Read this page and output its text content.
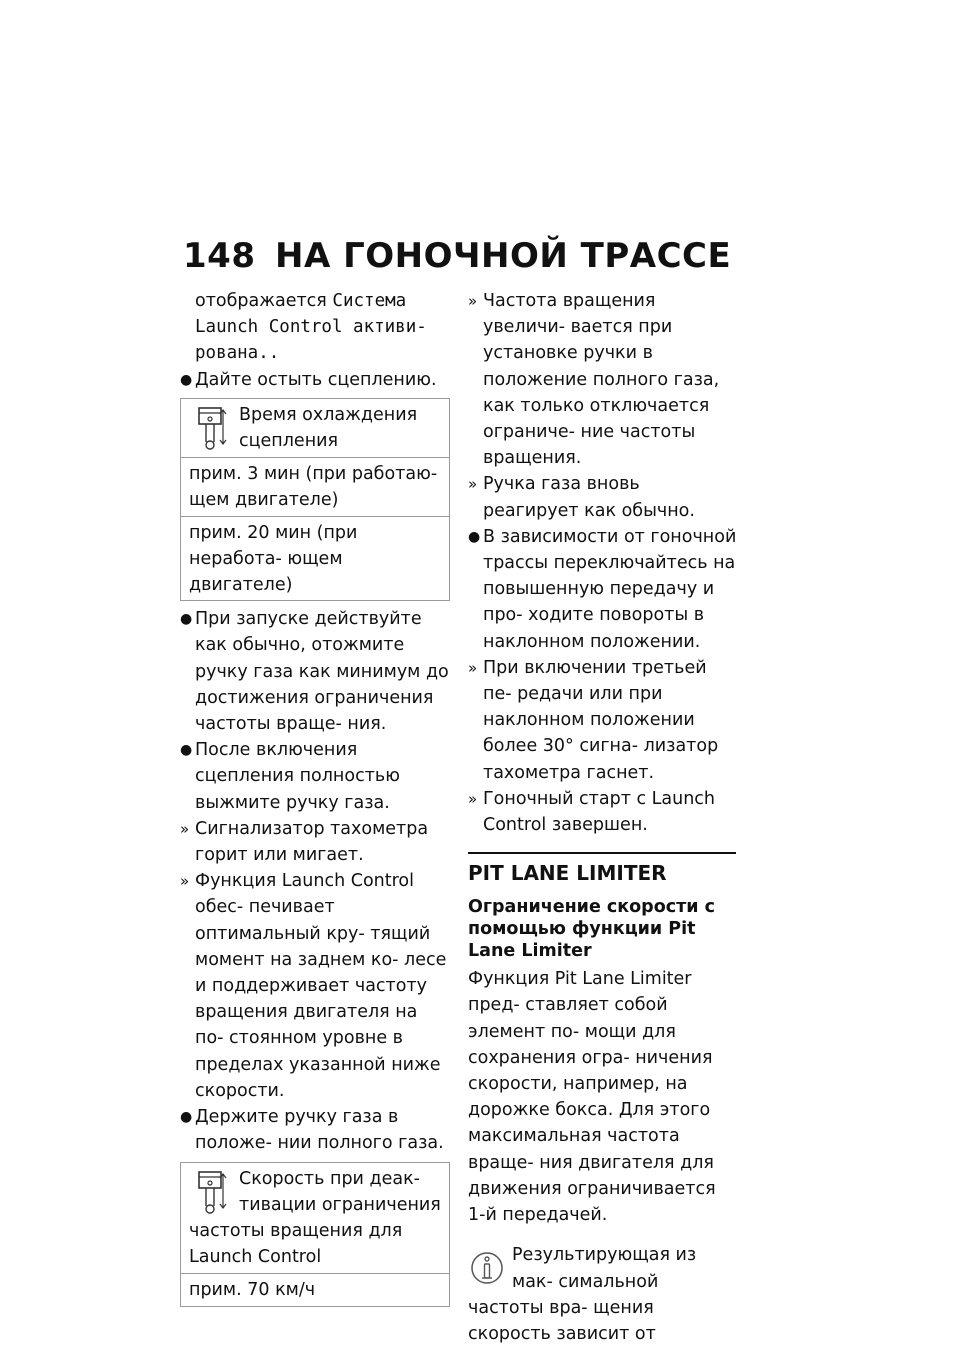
148 НА ГОНОЧНОЙ ТРАССЕ

отображается Система Launch Control активи- рована..

● Дайте остыть сцеплению.

Время охлаждения сцепления
прим. 3 мин (при работаю- щем двигателе)
прим. 20 мин (при неработа- ющем двигателе)

● При запуске действуйте как обычно, отожмите ручку газа как минимум до достижения ограничения частоты враще- ния.

● После включения сцепления полностью выжмите ручку газа.

» Сигнализатор тахометра горит или мигает.

» Функция Launch Control обес- печивает оптимальный кру- тящий момент на заднем ко- лесе и поддерживает частоту вращения двигателя на по- стоянном уровне в пределах указанной ниже скорости.

● Держите ручку газа в положе- нии полного газа.

Скорость при деак- тивации ограничения частоты вращения для Launch Control
прим. 70 км/ч

» Частота вращения увеличи- вается при установке ручки в положение полного газа, как только отключается ограниче- ние частоты вращения.

» Ручка газа вновь реагирует как обычно.

● В зависимости от гоночной трассы переключайтесь на повышенную передачу и про- ходите повороты в наклонном положении.

» При включении третьей пе- редачи или при наклонном положении более 30° сигна- лизатор тахометра гаснет.

» Гоночный старт с Launch Control завершен.

PIT LANE LIMITER
Ограничение скорости с помощью функции Pit Lane Limiter

Функция Pit Lane Limiter пред- ставляет собой элемент по- мощи для сохранения огра- ничения скорости, например, на дорожке бокса. Для этого максимальная частота враще- ния двигателя для движения ограничивается 1-й передачей.

Результирующая из мак- симальной частоты вра- щения скорость зависит от
